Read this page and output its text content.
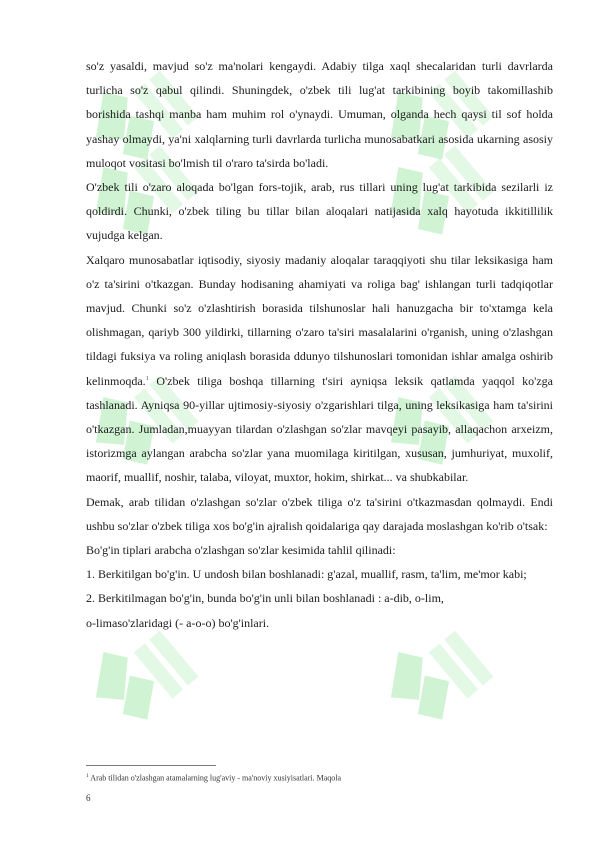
so'z yasaldi, mavjud so'z ma'nolari kengaydi. Adabiy tilga xaql shecalaridan turli davrlarda turlicha so'z qabul qilindi. Shuningdek, o'zbek tili lug'at tarkibining boyib takomillashib borishida tashqi manba ham muhim rol o'ynaydi. Umuman, olganda hech qaysi til sof holda yashay olmaydi, ya'ni xalqlarning turli davrlarda turlicha munosabatkari asosida ukarning asosiy muloqot vositasi bo'lmish til o'raro ta'sirda bo'ladi.

O'zbek tili o'zaro aloqada bo'lgan fors-tojik, arab, rus tillari uning lug'at tarkibida sezilarli iz qoldirdi. Chunki, o'zbek tiling bu tillar bilan aloqalari natijasida xalq hayotuda ikkitillilik vujudga kelgan.

Xalqaro munosabatlar iqtisodiy, siyosiy madaniy aloqalar taraqqiyoti shu tilar leksikasiga ham o'z ta'sirini o'tkazgan. Bunday hodisaning ahamiyati va roliga bag' ishlangan turli tadqiqotlar mavjud. Chunki so'z o'zlashtirish borasida tilshunoslar hali hanuzgacha bir to'xtamga kela olishmagan, qariyb 300 yildirki, tillarning o'zaro ta'siri masalalarini o'rganish, uning o'zlashgan tildagi fuksiya va roling aniqlash borasida ddunyo tilshunoslari tomonidan ishlar amalga oshirib kelinmoqda.$^1$ O'zbek tiliga boshqa tillarning t'siri ayniqsa leksik qatlamda yaqqol ko'zga tashlanadi. Ayniqsa 90-yillar ujtimosiy-siyosiy o'zgarishlari tilga, uning leksikasiga ham ta'sirini o'tkazgan. Jumladan,muayyan tilardan o'zlashgan so'zlar mavqeyi pasayib, allaqachon arxeizm, istorizmga aylangan arabcha so'zlar yana muomilaga kiritilgan, xususan, jumhuriyat, muxolif, maorif, muallif, noshir, talaba, viloyat, muxtor, hokim, shirkat... va shubkabilar.

Demak, arab tilidan o'zlashgan so'zlar o'zbek tiliga o'z ta'sirini o'tkazmasdan qolmaydi. Endi ushbu so'zlar o'zbek tiliga xos bo'g'in ajralish qoidalariga qay darajada moslashgan ko'rib o'tsak:

Bo'g'in tiplari arabcha o'zlashgan so'zlar kesimida tahlil qilinadi:

1. Berkitilgan bo'g'in. U undosh bilan boshlanadi: g'azal, muallif, rasm, ta'lim, me'mor kabi;

2. Berkitilmagan bo'g'in, bunda bo'g'in unli bilan boshlanadi : a-dib, o-lim,

o-limaso'zlaridagi (- a-o-o) bo'g'inlari.

$^1$ Arab tilidan o'zlashgan atamalarning lug'aviy - ma'noviy xusiyisatlari. Maqola
6
